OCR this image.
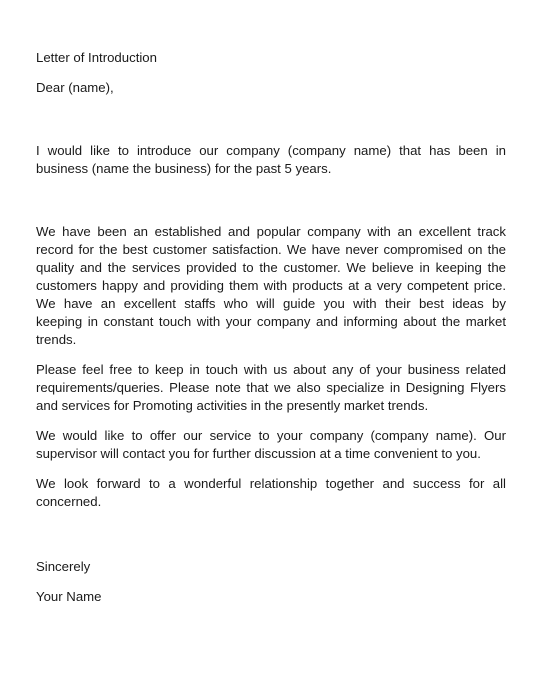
Letter of Introduction

Dear (name),

I would like to introduce our company (company name) that has been in
business (name the business) for the past 5 years.
We have been an established and popular company with an excellent track
record for the best customer satisfaction. We have never compromised on the
quality and the services provided to the customer. We believe in keeping the
customers happy and providing them with products at a very competent price.
We have an excellent staffs who will guide you with their best ideas by
keeping in constant touch with your company and informing about the market
trends.
Please feel free to keep in touch with us about any of your business related
requirements/queries. Please note that we also specialize in Designing Flyers
and services for Promoting activities in the presently market trends.
We would like to offer our service to your company (company name). Our
supervisor will contact you for further discussion at a time convenient to you.
We look forward to a wonderful relationship together and success for all
concerned.

Sincerely

Your Name
